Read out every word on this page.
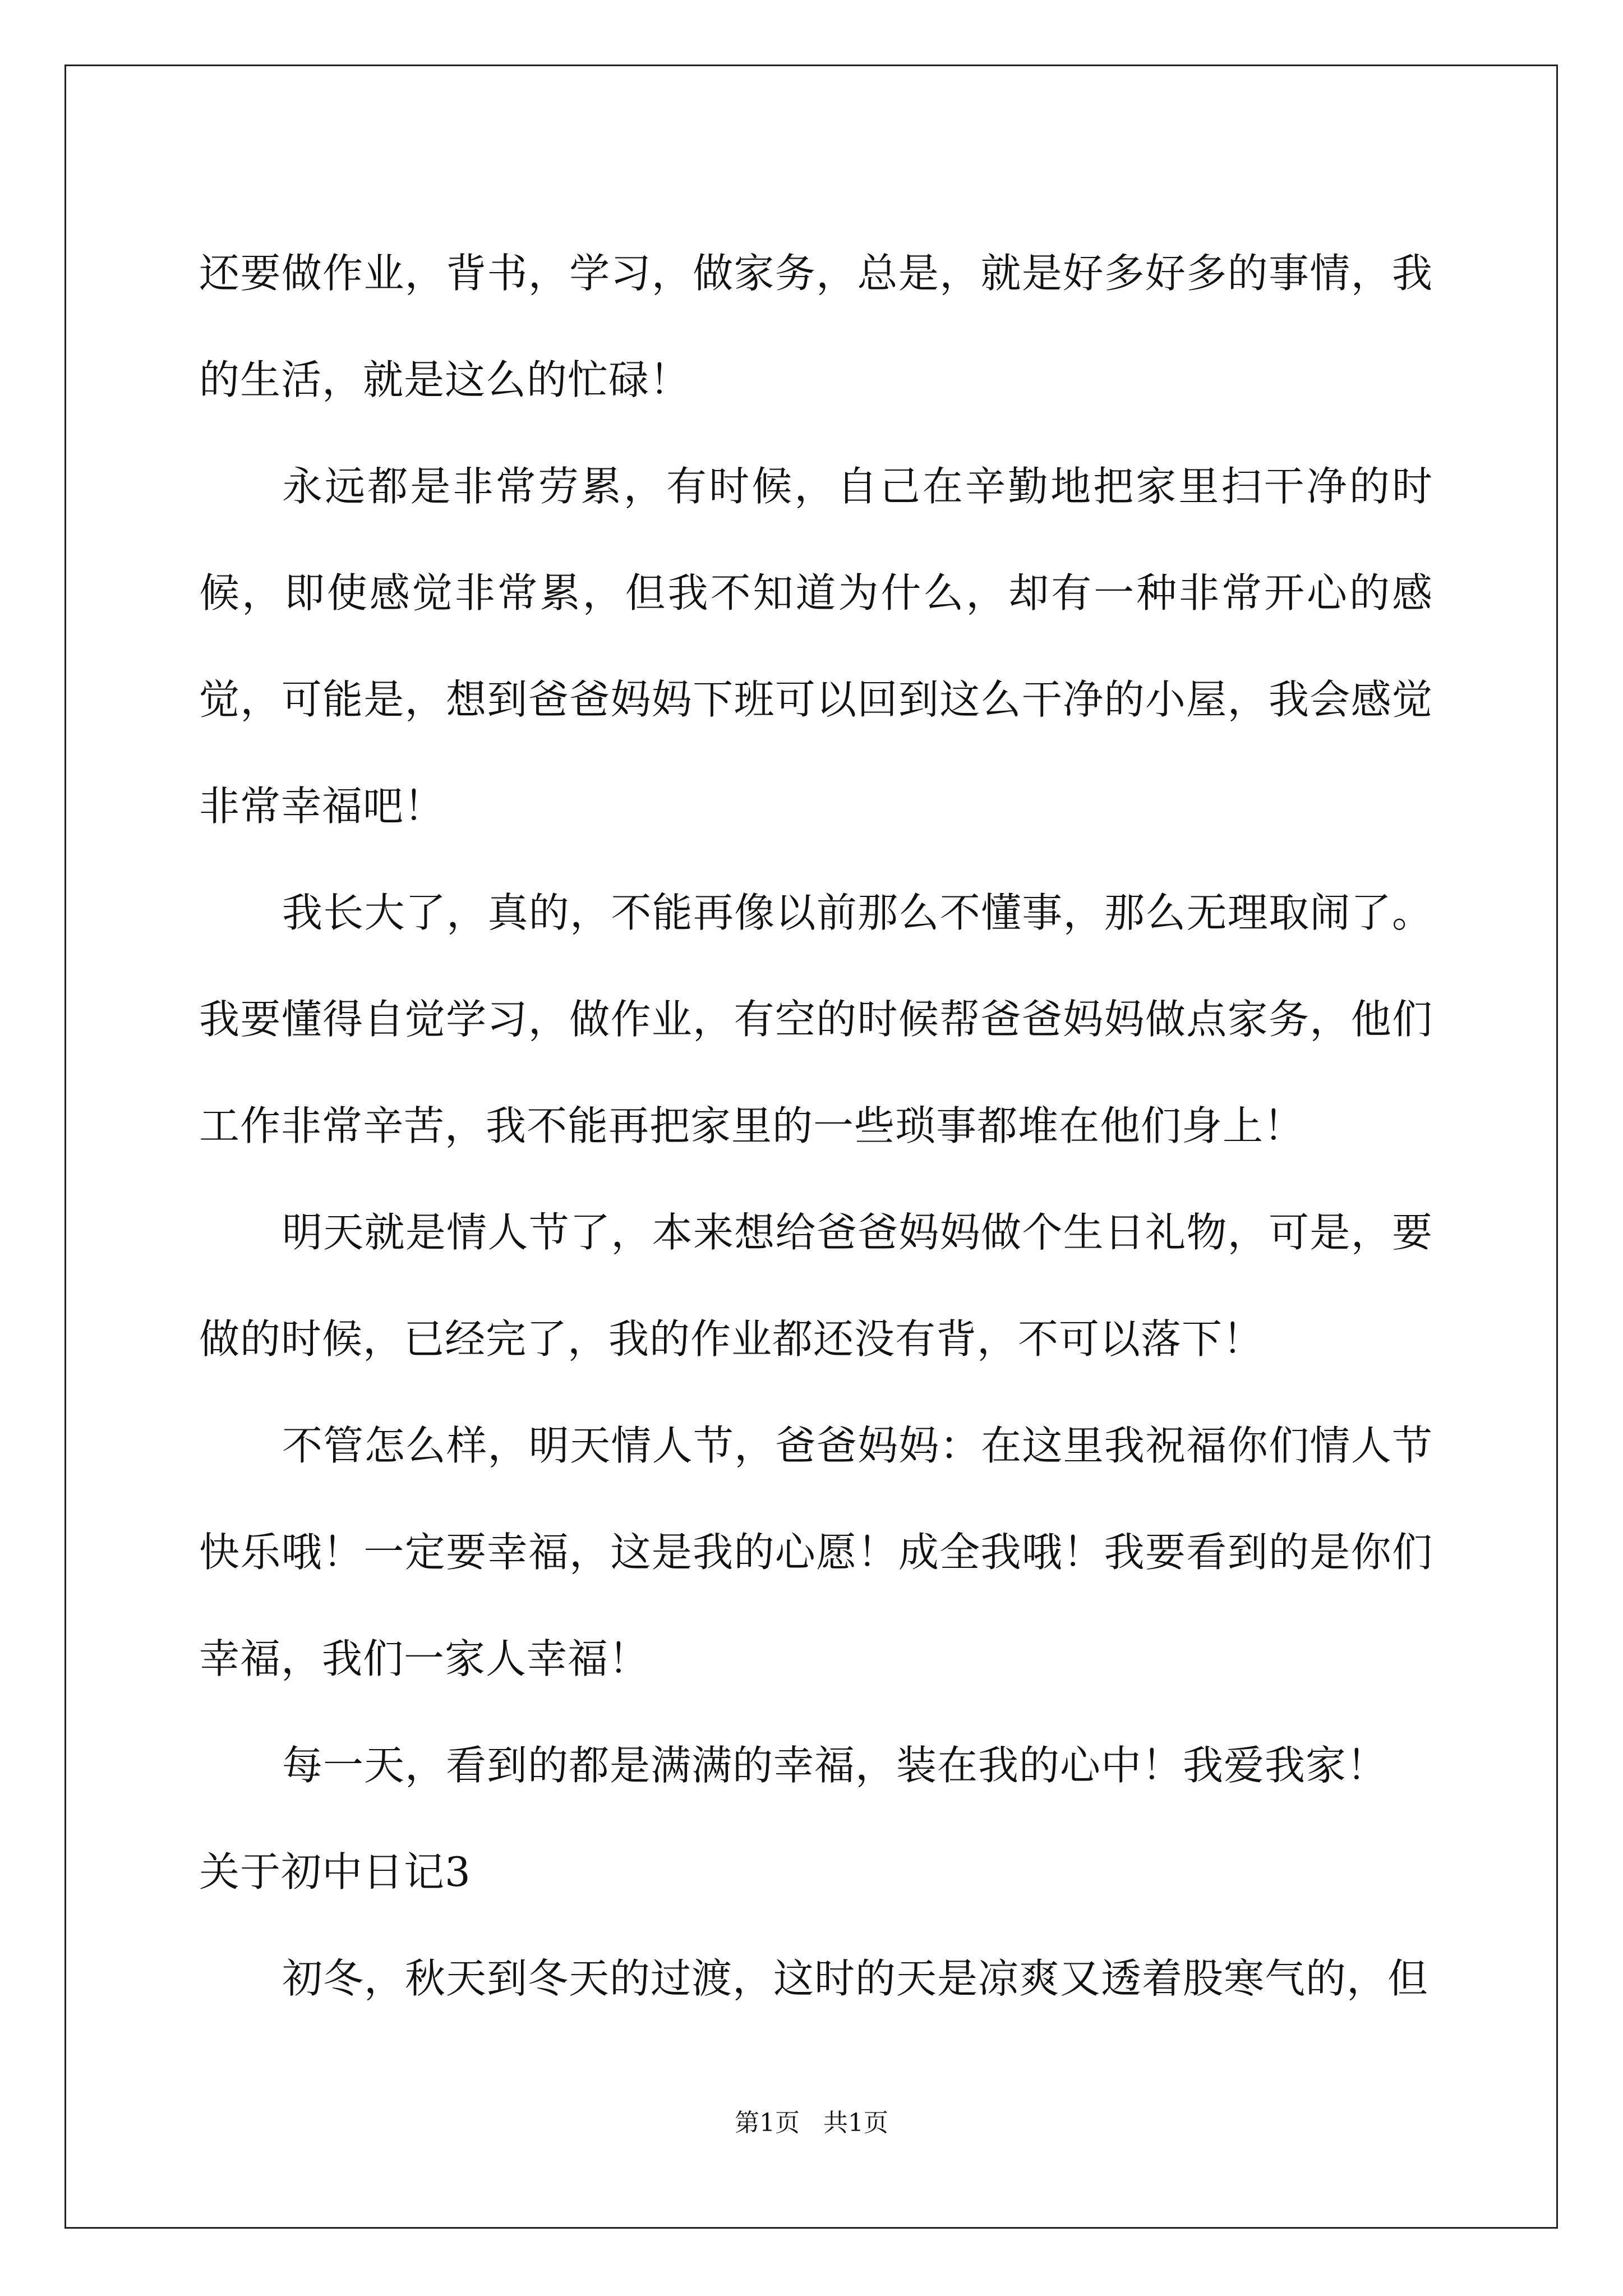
还要做作业，背书，学习，做家务，总是，就是好多好多的事情，我的生活，就是这么的忙碌！

永远都是非常劳累，有时候，自己在辛勤地把家里扫干净的时候，即使感觉非常累，但我不知道为什么，却有一种非常开心的感觉，可能是，想到爸爸妈妈下班可以回到这么干净的小屋，我会感觉非常幸福吧！

我长大了，真的，不能再像以前那么不懂事，那么无理取闹了。我要懂得自觉学习，做作业，有空的时候帮爸爸妈妈做点家务，他们工作非常辛苦，我不能再把家里的一些琐事都堆在他们身上！

明天就是情人节了，本来想给爸爸妈妈做个生日礼物，可是，要做的时候，已经完了，我的作业都还没有背，不可以落下！

不管怎么样，明天情人节，爸爸妈妈：在这里我祝福你们情人节快乐哦！一定要幸福，这是我的心愿！成全我哦！我要看到的是你们幸福，我们一家人幸福！

每一天，看到的都是满满的幸福，装在我的心中！我爱我家！

关于初中日记3

初冬，秋天到冬天的过渡，这时的天是凉爽又透着股寒气的，但

第1页 共1页
